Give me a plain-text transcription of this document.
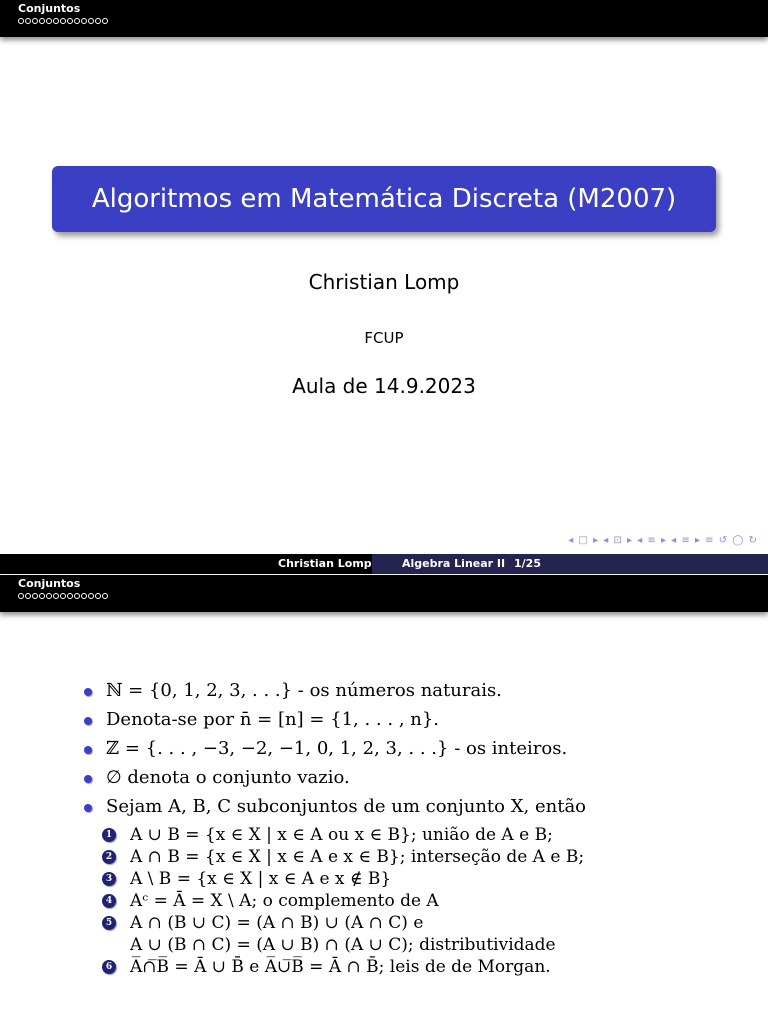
Conjuntos
Algoritmos em Matemática Discreta (M2007)
Christian Lomp
FCUP
Aula de 14.9.2023
◂ □ ▸ ◂ ⊡ ▸ ◂ ≡ ▸ ◂ ≡ ▸ ≡ ↺ ◯ ↻
Christian Lomp	Algebra Linear II 1/25
Conjuntos
ℕ = {0, 1, 2, 3, . . .} - os números naturais.
Denota-se por n̄ = [n] = {1, . . . , n}.
ℤ = {. . . , −3, −2, −1, 0, 1, 2, 3, . . .} - os inteiros.
∅ denota o conjunto vazio.
Sejam A, B, C subconjuntos de um conjunto X, então
1 A ∪ B = {x ∈ X | x ∈ A ou x ∈ B}; união de A e B;
2 A ∩ B = {x ∈ X | x ∈ A e x ∈ B}; interseção de A e B;
3 A \ B = {x ∈ X | x ∈ A e x ∉ B}
4 Aᶜ = Ā = X \ A; o complemento de A
5 A ∩ (B ∪ C) = (A ∩ B) ∪ (A ∩ C) e
A ∪ (B ∩ C) = (A ∪ B) ∩ (A ∪ C); distributividade
6 A̅∩̅B̅ = Ā ∪ B̄ e A̅∪̅B̅ = Ā ∩ B̄; leis de de Morgan.
